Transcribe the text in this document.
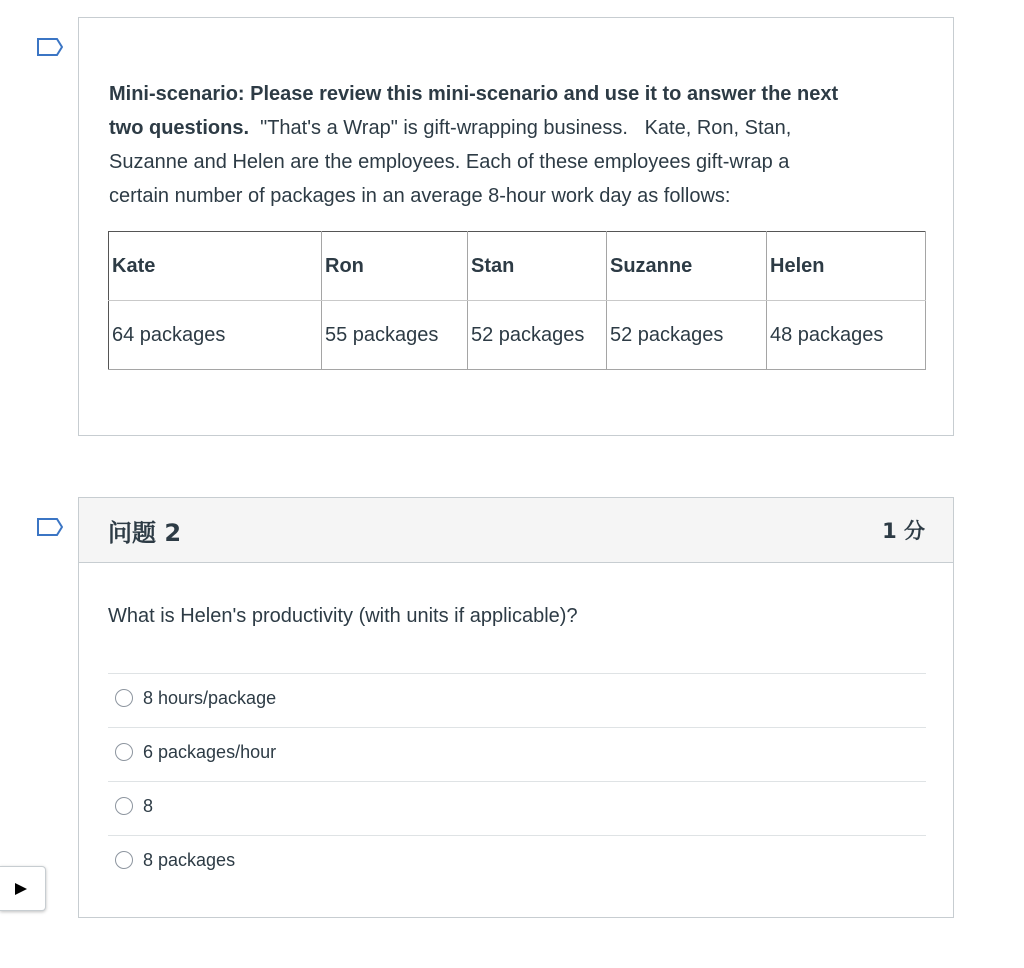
Mini-scenario: Please review this mini-scenario and use it to answer the next
two questions.  "That's a Wrap" is gift-wrapping business.   Kate, Ron, Stan,
Suzanne and Helen are the employees. Each of these employees gift-wrap a
certain number of packages in an average 8-hour work day as follows:
Kate	Ron	Stan	Suzanne	Helen
64 packages	55 packages	52 packages	52 packages	48 packages
问题 2	1 分
What is Helen's productivity (with units if applicable)?
8 hours/package
6 packages/hour
8
8 packages
